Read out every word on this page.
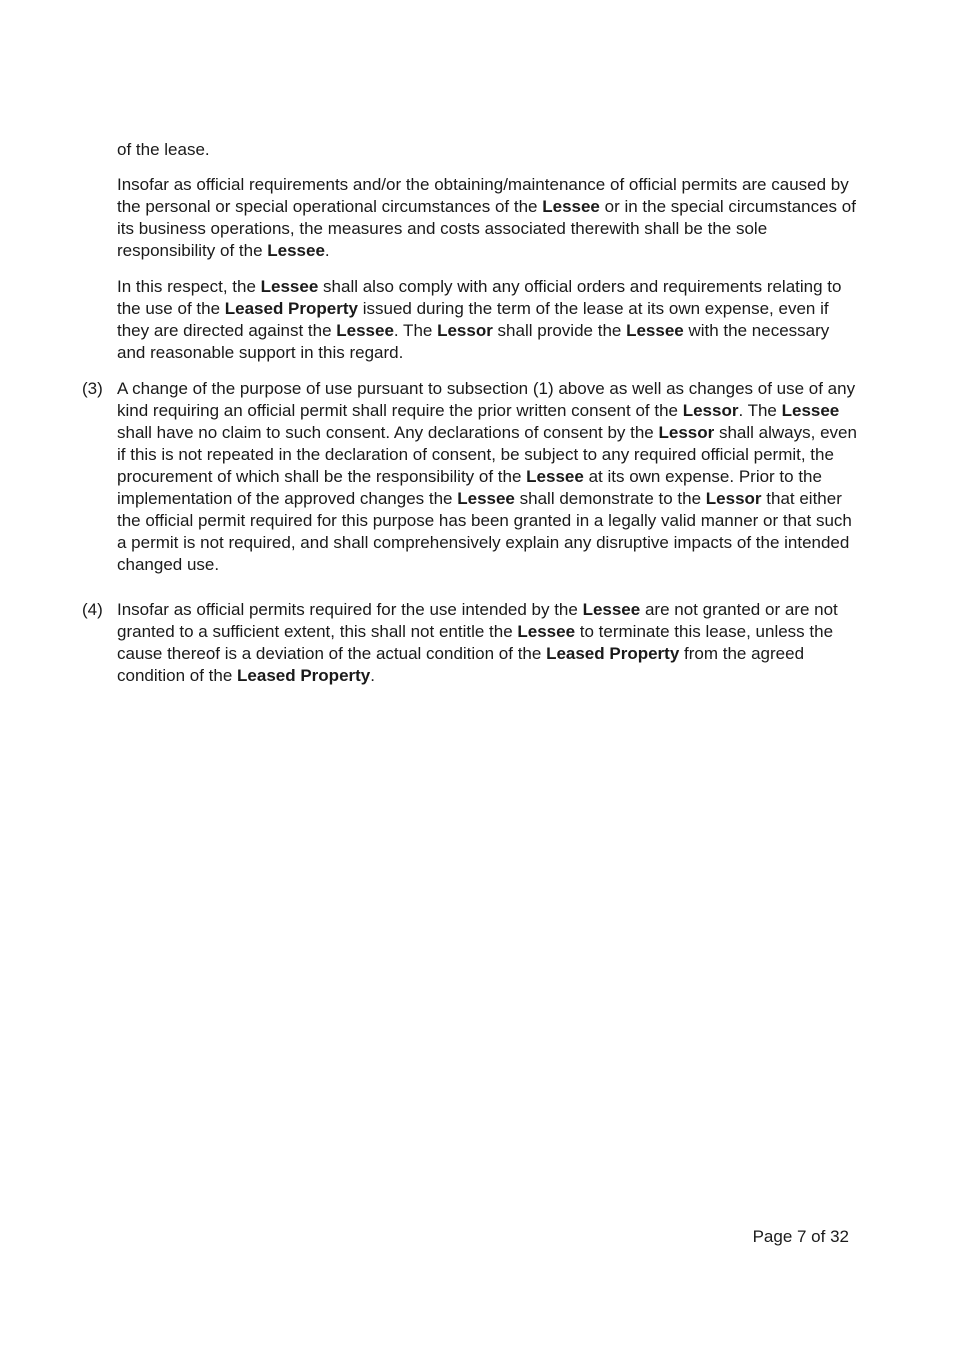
of the lease.

Insofar as official requirements and/or the obtaining/maintenance of official permits are caused by the personal or special operational circumstances of the Lessee or in the special circumstances of its business operations, the measures and costs associated therewith shall be the sole responsibility of the Lessee.

In this respect, the Lessee shall also comply with any official orders and requirements relating to the use of the Leased Property issued during the term of the lease at its own expense, even if they are directed against the Lessee. The Lessor shall provide the Lessee with the necessary and reasonable support in this regard.

(3) A change of the purpose of use pursuant to subsection (1) above as well as changes of use of any kind requiring an official permit shall require the prior written consent of the Lessor. The Lessee shall have no claim to such consent. Any declarations of consent by the Lessor shall always, even if this is not repeated in the declaration of consent, be subject to any required official permit, the procurement of which shall be the responsibility of the Lessee at its own expense. Prior to the implementation of the approved changes the Lessee shall demonstrate to the Lessor that either the official permit required for this purpose has been granted in a legally valid manner or that such a permit is not required, and shall comprehensively explain any disruptive impacts of the intended changed use.
(4) Insofar as official permits required for the use intended by the Lessee are not granted or are not granted to a sufficient extent, this shall not entitle the Lessee to terminate this lease, unless the cause thereof is a deviation of the actual condition of the Leased Property from the agreed condition of the Leased Property.
Page 7 of 32
